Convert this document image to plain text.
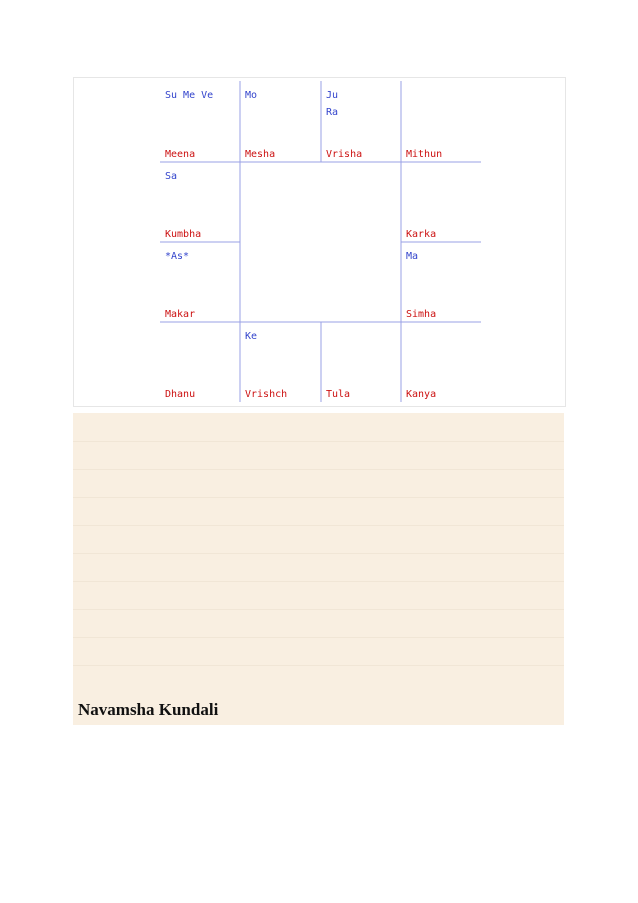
Su Me Ve
Meena
Mo
Mesha
Ju
Ra
Vrisha	Mithun
Sa
Kumbha	Karka
*As*
Makar
Ma
Simha
Dhanu
Ke
Vrishch	Tula	Kanya
Navamsha Kundali
